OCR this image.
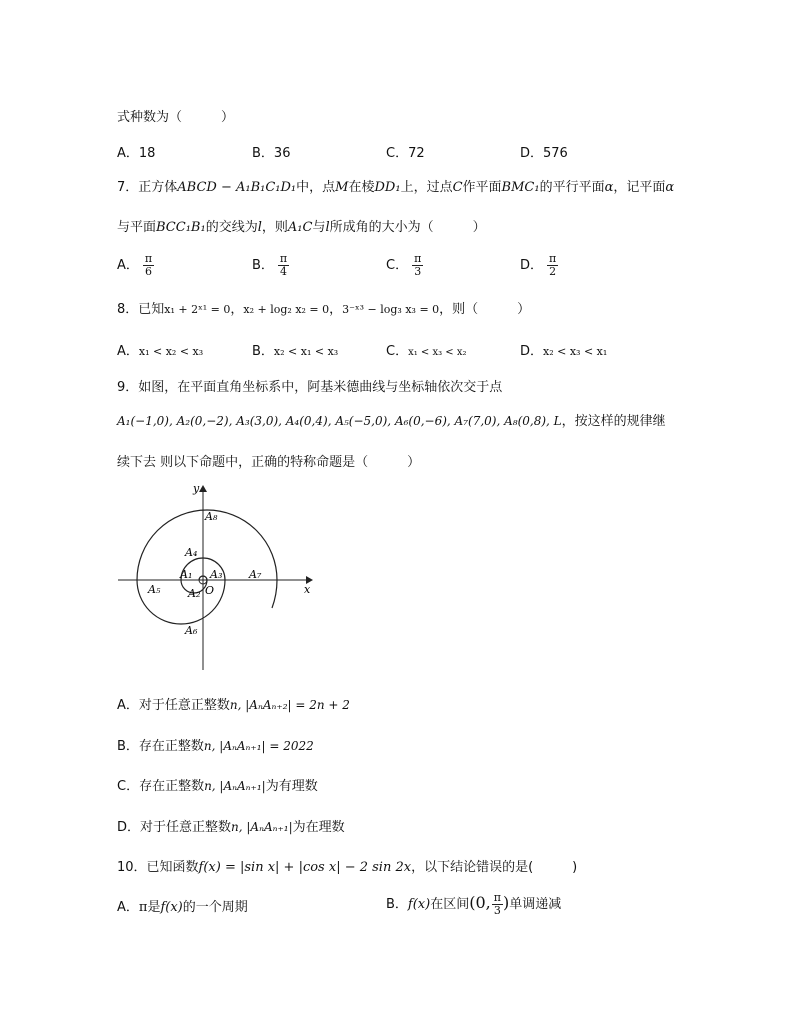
式种数为（　　　）
A．18	B．36	C．72	D．576
7．正方体ABCD − A₁B₁C₁D₁中，点M在棱DD₁上，过点C作平面BMC₁的平行平面α，记平面α
与平面BCC₁B₁的交线为l，则A₁C与l所成角的大小为（　　　）
A． $\frac{\pi}{6}$	B． $\frac{\pi}{4}$	C． $\frac{\pi}{3}$	D． $\frac{\pi}{2}$
8．已知x₁ + 2ˣ¹ = 0，x₂ + log₂ x₂ = 0，3⁻ˣ³ − log₃ x₃ = 0，则（　　　）
A．x₁ < x₂ < x₃	B．x₂ < x₁ < x₃	C．x₁ < x₃ < x₂	D．x₂ < x₃ < x₁
9．如图，在平面直角坐标系中，阿基米德曲线与坐标轴依次交于点
A₁(−1,0), A₂(0,−2), A₃(3,0), A₄(0,4), A₅(−5,0), A₆(0,−6), A₇(7,0), A₈(0,8), L，按这样的规律继
续下去 则以下命题中，正确的特称命题是（　　　）
x
y
O
A₁
A₂
A₃
A₄
A₅
A₆
A₇
A₈
A．对于任意正整数n, |AₙAₙ₊₂| = 2n + 2
B．存在正整数n, |AₙAₙ₊₁| = 2022
C．存在正整数n, |AₙAₙ₊₁|为有理数
D．对于任意正整数n, |AₙAₙ₊₁|为在理数
10．已知函数f(x) = |sin x| + |cos x| − 2 sin 2x，以下结论错误的是(　　　)
A．π是f(x)的一个周期	B．f(x)在区间(0, $\frac{\pi}{3}$ )单调递减
